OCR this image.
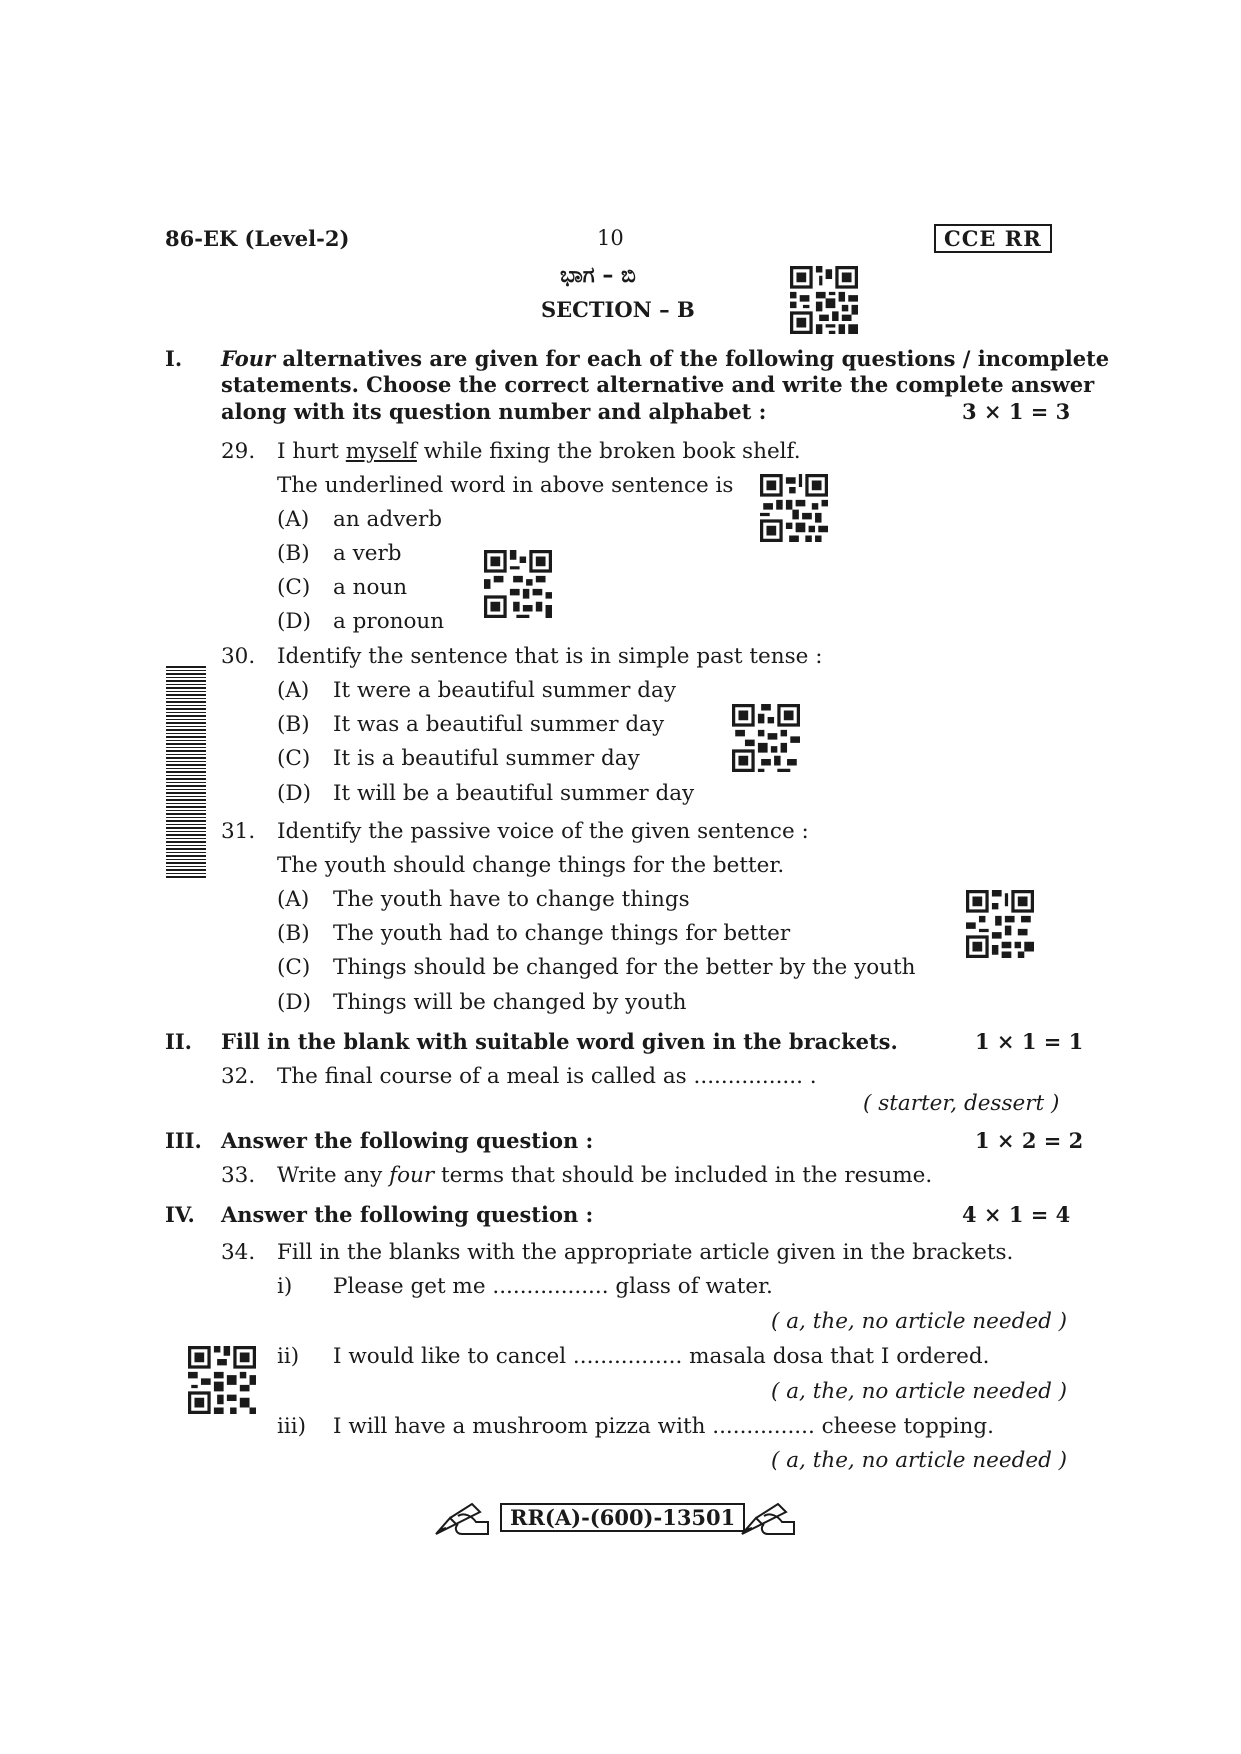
86-EK (Level-2)	10	CCE RR
ಭಾಗ – ಬಿ
SECTION – B
I. Four alternatives are given for each of the following questions / incomplete
statements. Choose the correct alternative and write the complete answer
along with its question number and alphabet :	3 × 1 = 3
29. I hurt myself while fixing the broken book shelf.
The underlined word in above sentence is
(A) an adverb
(B) a verb
(C) a noun
(D) a pronoun
30. Identify the sentence that is in simple past tense :
(A) It were a beautiful summer day
(B) It was a beautiful summer day
(C) It is a beautiful summer day
(D) It will be a beautiful summer day
31. Identify the passive voice of the given sentence :
The youth should change things for the better.
(A) The youth have to change things
(B) The youth had to change things for better
(C) Things should be changed for the better by the youth
(D) Things will be changed by youth
II. Fill in the blank with suitable word given in the brackets.	1 × 1 = 1
32. The final course of a meal is called as ................ .
( starter, dessert )
III. Answer the following question :	1 × 2 = 2
33. Write any four terms that should be included in the resume.
IV. Answer the following question :	4 × 1 = 4
34. Fill in the blanks with the appropriate article given in the brackets.
i) Please get me ................. glass of water.
( a, the, no article needed )
ii) I would like to cancel ................ masala dosa that I ordered.
( a, the, no article needed )
iii) I will have a mushroom pizza with ............... cheese topping.
( a, the, no article needed )
RR(A)-(600)-13501
